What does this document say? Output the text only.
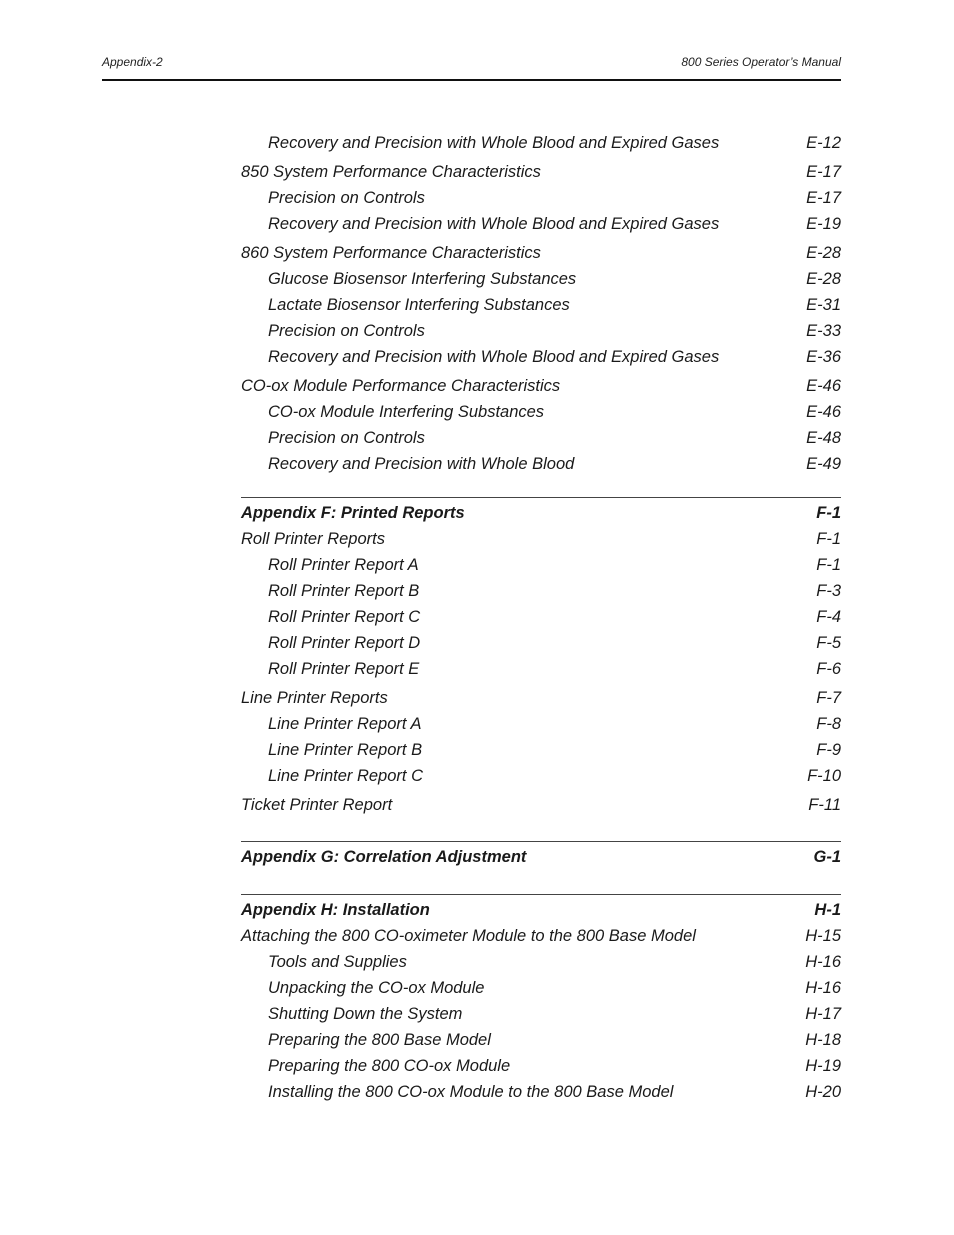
Appendix-2	800 Series Operator’s Manual
Recovery and Precision with Whole Blood and Expired Gases	E-12
850 System Performance Characteristics	E-17
Precision on Controls	E-17
Recovery and Precision with Whole Blood and Expired Gases	E-19
860 System Performance Characteristics	E-28
Glucose Biosensor Interfering Substances	E-28
Lactate Biosensor Interfering Substances	E-31
Precision on Controls	E-33
Recovery and Precision with Whole Blood and Expired Gases	E-36
CO-ox Module Performance Characteristics	E-46
CO-ox Module Interfering Substances	E-46
Precision on Controls	E-48
Recovery and Precision with Whole Blood	E-49
Appendix F: Printed Reports	F-1
Roll Printer Reports	F-1
Roll Printer Report A	F-1
Roll Printer Report B	F-3
Roll Printer Report C	F-4
Roll Printer Report D	F-5
Roll Printer Report E	F-6
Line Printer Reports	F-7
Line Printer Report A	F-8
Line Printer Report B	F-9
Line Printer Report C	F-10
Ticket Printer Report	F-11
Appendix G: Correlation Adjustment	G-1
Appendix H: Installation	H-1
Attaching the 800 CO-oximeter Module to the 800 Base Model	H-15
Tools and Supplies	H-16
Unpacking the CO-ox Module	H-16
Shutting Down the System	H-17
Preparing the 800 Base Model	H-18
Preparing the 800 CO-ox Module	H-19
Installing the 800 CO-ox Module to the 800 Base Model	H-20
